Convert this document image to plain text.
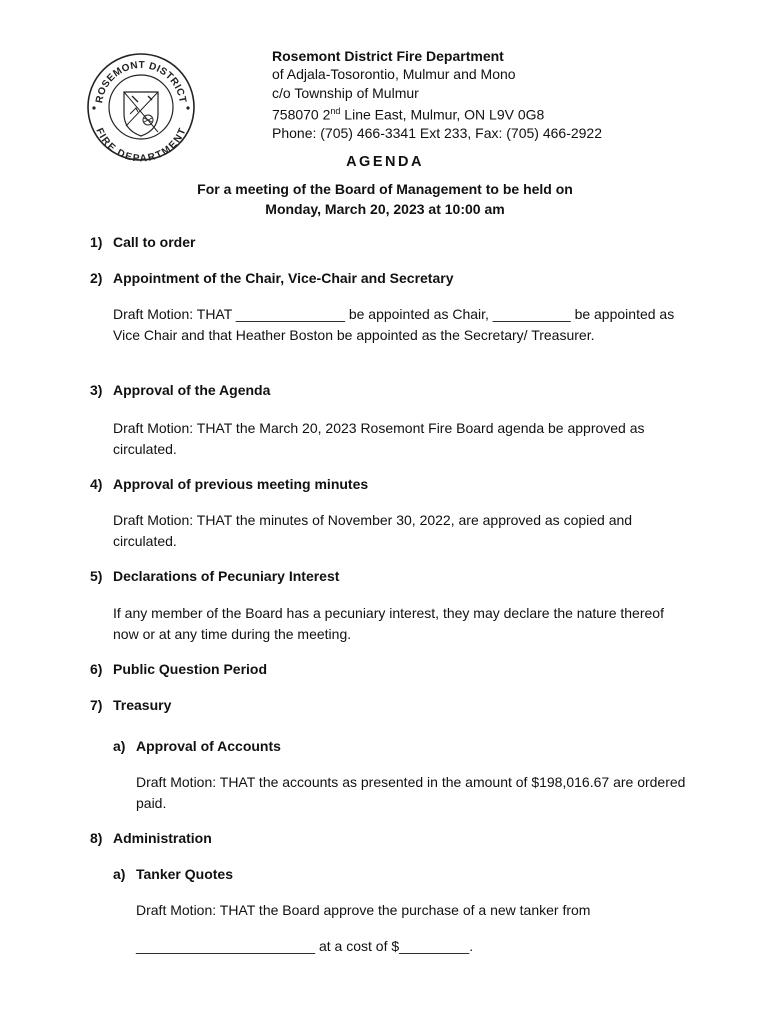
ROSEMONT DISTRICT
FIRE DEPARTMENT
Rosemont District Fire Department
of Adjala-Tosorontio, Mulmur and Mono
c/o Township of Mulmur
758070 2nd Line East, Mulmur, ON L9V 0G8
Phone: (705) 466-3341 Ext 233, Fax: (705) 466-2922
AGENDA
For a meeting of the Board of Management to be held on
Monday, March 20, 2023 at 10:00 am
1) Call to order
2) Appointment of the Chair, Vice-Chair and Secretary
Draft Motion: THAT ______________ be appointed as Chair, __________ be appointed as Vice Chair and that Heather Boston be appointed as the Secretary/ Treasurer.
3) Approval of the Agenda
Draft Motion: THAT the March 20, 2023 Rosemont Fire Board agenda be approved as circulated.
4) Approval of previous meeting minutes
Draft Motion: THAT the minutes of November 30, 2022, are approved as copied and circulated.
5) Declarations of Pecuniary Interest
If any member of the Board has a pecuniary interest, they may declare the nature thereof now or at any time during the meeting.
6) Public Question Period
7) Treasury
a) Approval of Accounts
Draft Motion: THAT the accounts as presented in the amount of $198,016.67 are ordered paid.
8) Administration
a) Tanker Quotes
Draft Motion: THAT the Board approve the purchase of a new tanker from
_______________________ at a cost of $_________.
